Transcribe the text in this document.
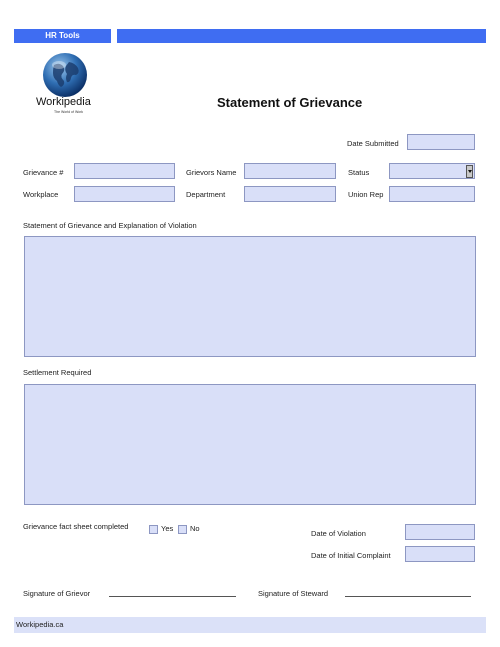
HR Tools
Workipedia
The World of Work
Statement of Grievance
Date Submitted
Grievance #	Grievors Name	Status
Workplace	Department	Union Rep
Statement of Grievance and Explanation of Violation
Settlement Required
Grievance fact sheet completed	Yes No
Date of Violation
Date of Initial Complaint
Signature of Grievor	Signature of Steward
Workipedia.ca
